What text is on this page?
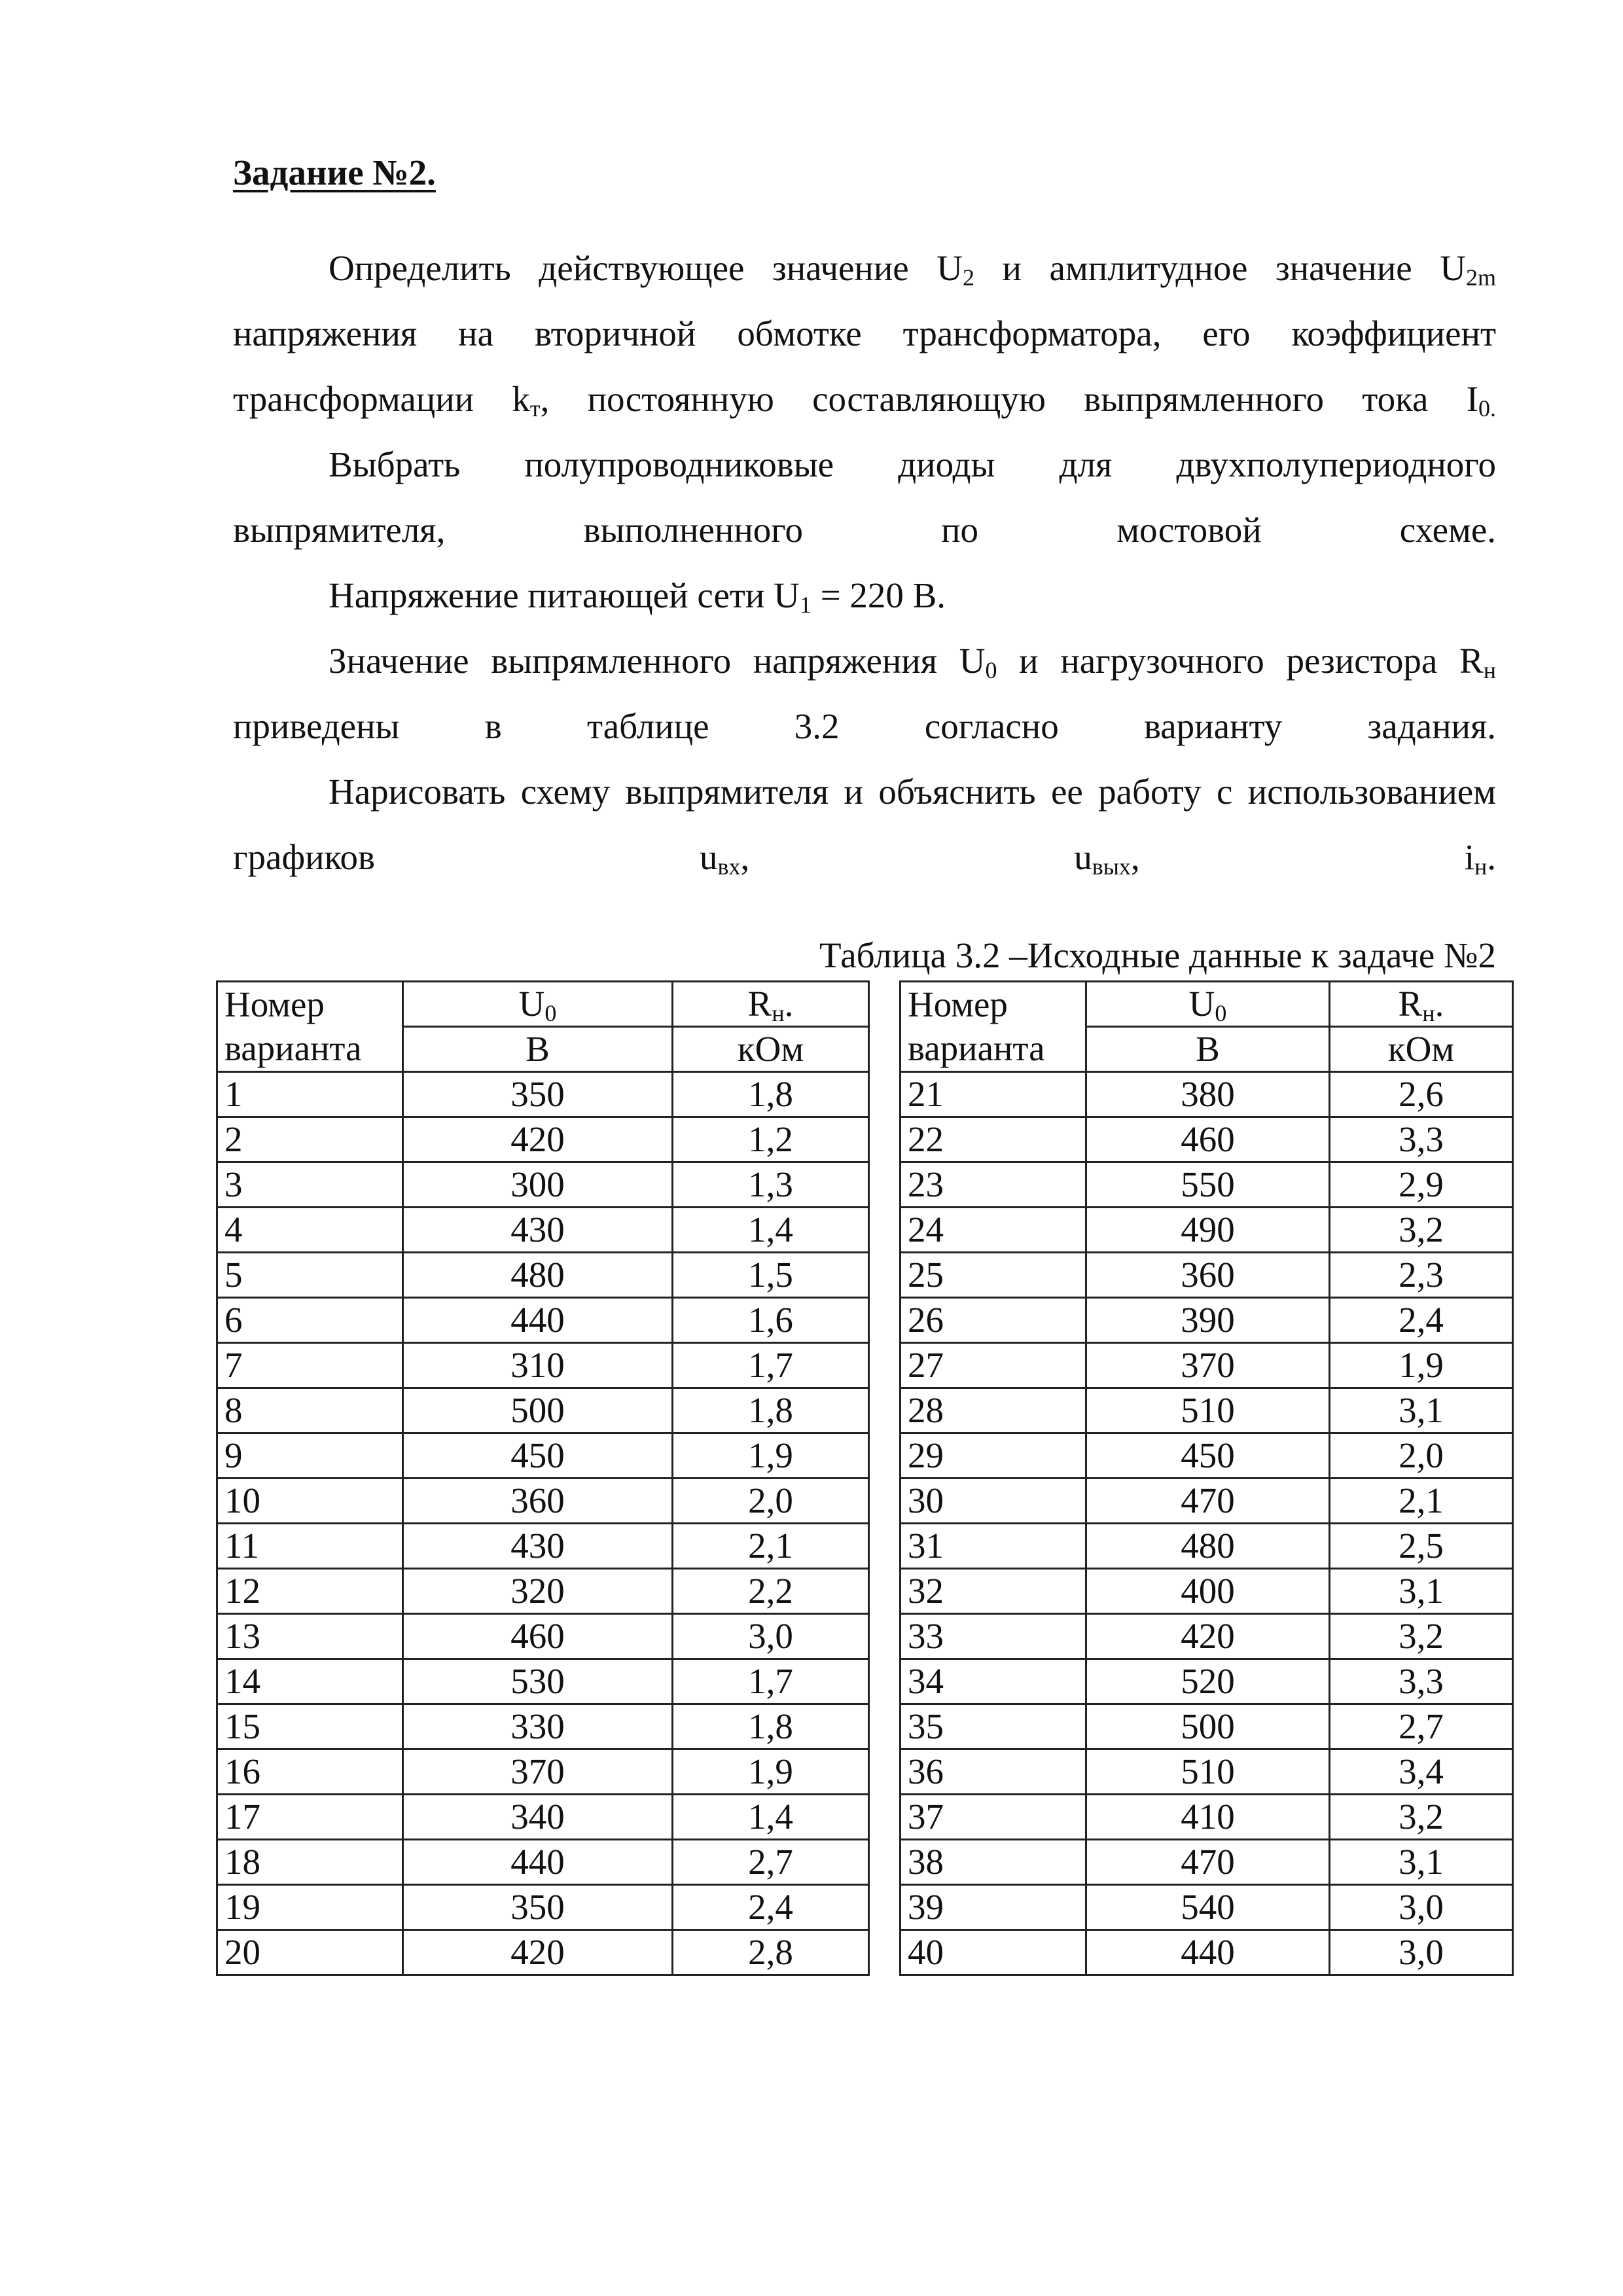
Задание №2.

Определить действующее значение $U_2$ и амплитудное значение $U_{2m}$ напряжения на вторичной обмотке трансформатора, его коэффициент трансформации $k_т$, постоянную составляющую выпрямленного тока $I_{0.}$

Выбрать полупроводниковые диоды для двухполупериодного выпрямителя, выполненного по мостовой схеме.

Напряжение питающей сети $U_1 = 220$ В.

Значение выпрямленного напряжения $U_0$ и нагрузочного резистора $R_н$ приведены в таблице 3.2 согласно варианту задания.

Нарисовать схему выпрямителя и объяснить ее работу с использованием графиков $u_{вх}$, $u_{вых}$, $i_н$.

Таблица 3.2 –Исходные данные к задаче №2
Номер	$U_0$	$R_н$.		Номер	$U_0$	$R_н$.
варианта	В	кОм		варианта	В	кОм
1	350	1,8		21	380	2,6
2	420	1,2		22	460	3,3
3	300	1,3		23	550	2,9
4	430	1,4		24	490	3,2
5	480	1,5		25	360	2,3
6	440	1,6		26	390	2,4
7	310	1,7		27	370	1,9
8	500	1,8		28	510	3,1
9	450	1,9		29	450	2,0
10	360	2,0		30	470	2,1
11	430	2,1		31	480	2,5
12	320	2,2		32	400	3,1
13	460	3,0		33	420	3,2
14	530	1,7		34	520	3,3
15	330	1,8		35	500	2,7
16	370	1,9		36	510	3,4
17	340	1,4		37	410	3,2
18	440	2,7		38	470	3,1
19	350	2,4		39	540	3,0
20	420	2,8		40	440	3,0
